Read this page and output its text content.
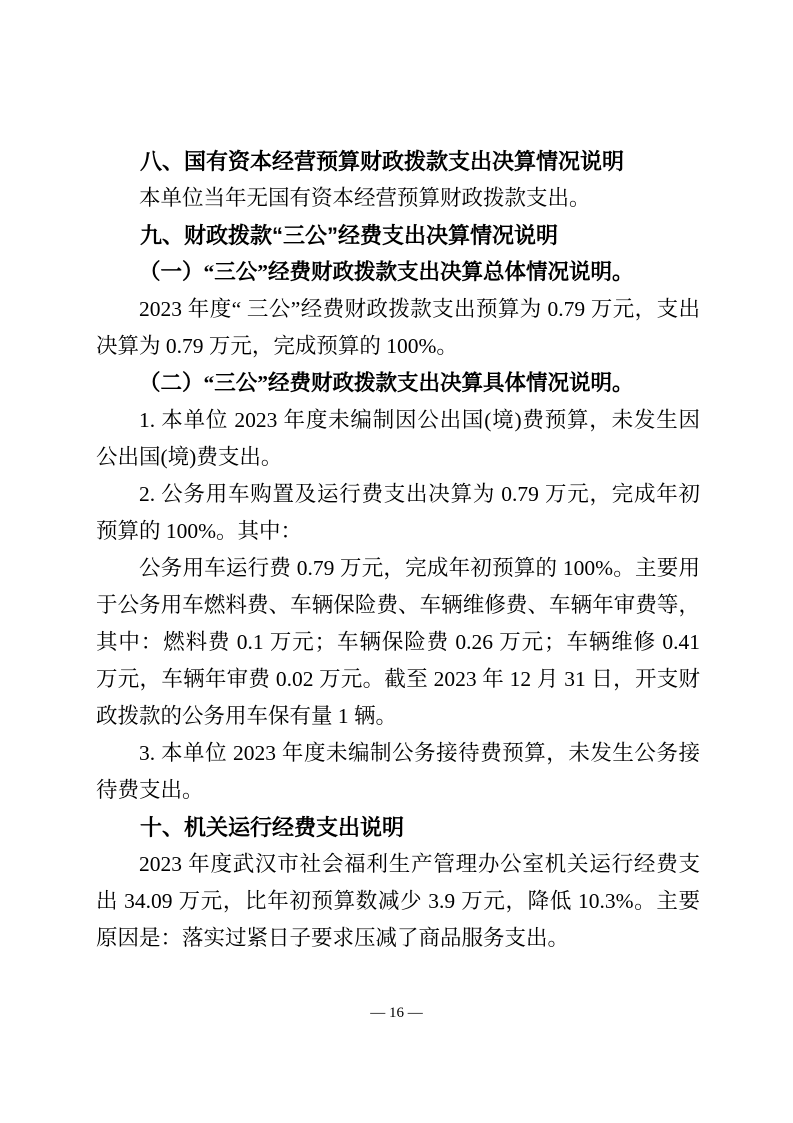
八、国有资本经营预算财政拨款支出决算情况说明

本单位当年无国有资本经营预算财政拨款支出。

九、财政拨款“三公”经费支出决算情况说明

（一）“三公”经费财政拨款支出决算总体情况说明。

2023 年度“ 三公”经费财政拨款支出预算为 0.79 万元，支出决算为 0.79 万元，完成预算的 100%。

（二）“三公”经费财政拨款支出决算具体情况说明。

1. 本单位 2023 年度未编制因公出国(境)费预算，未发生因公出国(境)费支出。

2. 公务用车购置及运行费支出决算为 0.79 万元，完成年初预算的 100%。其中：

公务用车运行费 0.79 万元，完成年初预算的 100%。主要用于公务用车燃料费、车辆保险费、车辆维修费、车辆年审费等，其中：燃料费 0.1 万元；车辆保险费 0.26 万元；车辆维修 0.41 万元，车辆年审费 0.02 万元。截至 2023 年 12 月 31 日，开支财政拨款的公务用车保有量 1 辆。

3. 本单位 2023 年度未编制公务接待费预算，未发生公务接待费支出。

十、机关运行经费支出说明

2023 年度武汉市社会福利生产管理办公室机关运行经费支出 34.09 万元，比年初预算数减少 3.9 万元，降低 10.3%。主要原因是：落实过紧日子要求压减了商品服务支出。

— 16 —
